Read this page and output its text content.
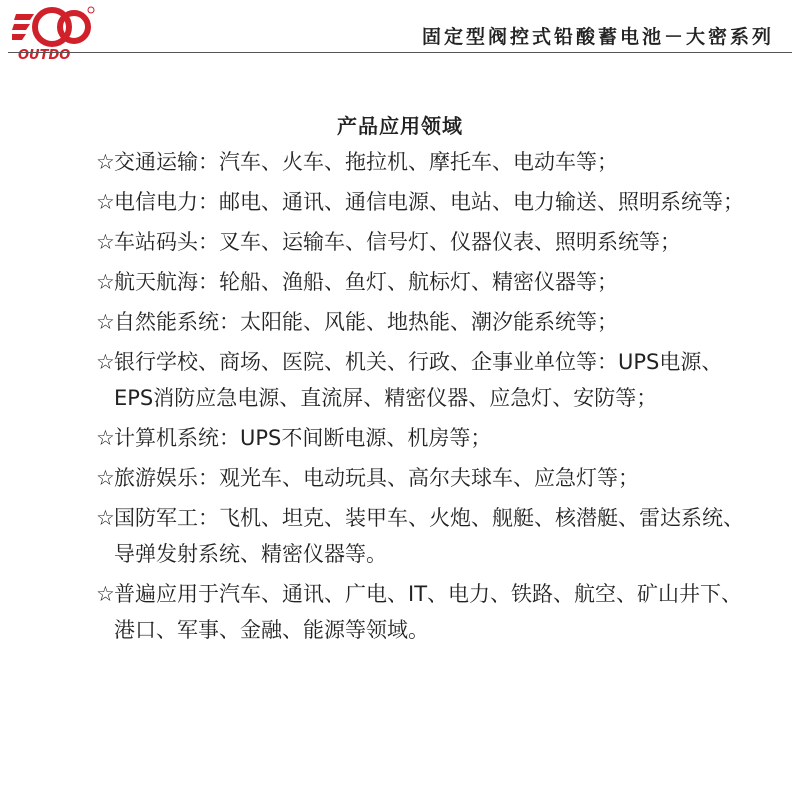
OUTDO
固定型阀控式铅酸蓄电池－大密系列
产品应用领域
☆ 交通运输：汽车、火车、拖拉机、摩托车、电动车等；
☆ 电信电力：邮电、通讯、通信电源、电站、电力输送、照明系统等；
☆ 车站码头：叉车、运输车、信号灯、仪器仪表、照明系统等；
☆ 航天航海：轮船、渔船、鱼灯、航标灯、精密仪器等；
☆ 自然能系统：太阳能、风能、地热能、潮汐能系统等；
☆ 银行学校、商场、医院、机关、行政、企事业单位等：UPS电源、EPS消防应急电源、直流屏、精密仪器、应急灯、安防等；
☆ 计算机系统：UPS不间断电源、机房等；
☆ 旅游娱乐：观光车、电动玩具、高尔夫球车、应急灯等；
☆ 国防军工：飞机、坦克、装甲车、火炮、舰艇、核潜艇、雷达系统、导弹发射系统、精密仪器等。
☆ 普遍应用于汽车、通讯、广电、IT、电力、铁路、航空、矿山井下、港口、军事、金融、能源等领域。
